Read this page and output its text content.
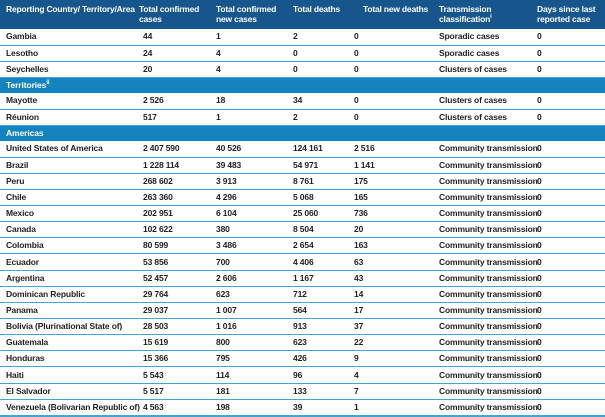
Reporting Country/ Territory/Area	Total confirmed cases	Total confirmed new cases	Total deaths	Total new deaths	Transmission classification$^i$	Days since last reported case
Gambia	44	1	2	0	Sporadic cases	0
Lesotho	24	4	0	0	Sporadic cases	0
Seychelles	20	4	0	0	Clusters of cases	0
Territories$^{ii}$
Mayotte	2 526	18	34	0	Clusters of cases	0
Réunion	517	1	2	0	Clusters of cases	0
Americas						
United States of America	2 407 590	40 526	124 161	2 516	Community transmission	0
Brazil	1 228 114	39 483	54 971	1 141	Community transmission	0
Peru	268 602	3 913	8 761	175	Community transmission	0
Chile	263 360	4 296	5 068	165	Community transmission	0
Mexico	202 951	6 104	25 060	736	Community transmission	0
Canada	102 622	380	8 504	20	Community transmission	0
Colombia	80 599	3 486	2 654	163	Community transmission	0
Ecuador	53 856	700	4 406	63	Community transmission	0
Argentina	52 457	2 606	1 167	43	Community transmission	0
Dominican Republic	29 764	623	712	14	Community transmission	0
Panama	29 037	1 007	564	17	Community transmission	0
Bolivia (Plurinational State of)	28 503	1 016	913	37	Community transmission	0
Guatemala	15 619	800	623	22	Community transmission	0
Honduras	15 366	795	426	9	Community transmission	0
Haiti	5 543	114	96	4	Community transmission	0
El Salvador	5 517	181	133	7	Community transmission	0
Venezuela (Bolivarian Republic of)	4 563	198	39	1	Community transmission	0
